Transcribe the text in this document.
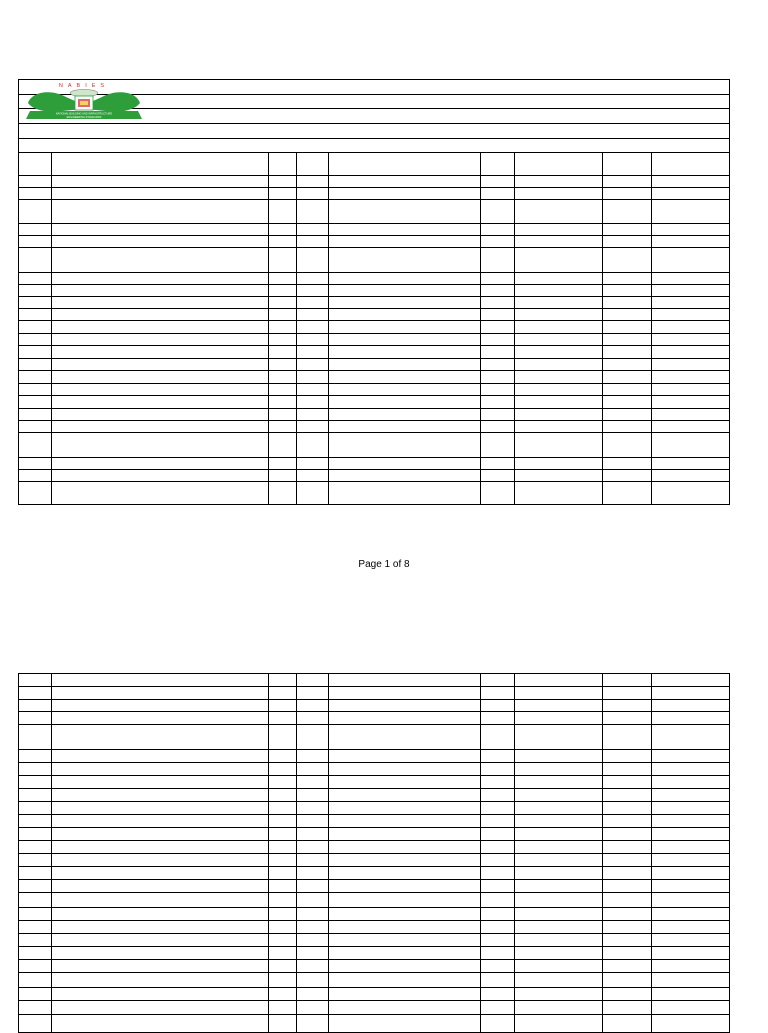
NABIES
NATIONAL BUILDING AND INFRASTRUCTURE
ENGINEERING STANDARDS
Page 1 of 8
